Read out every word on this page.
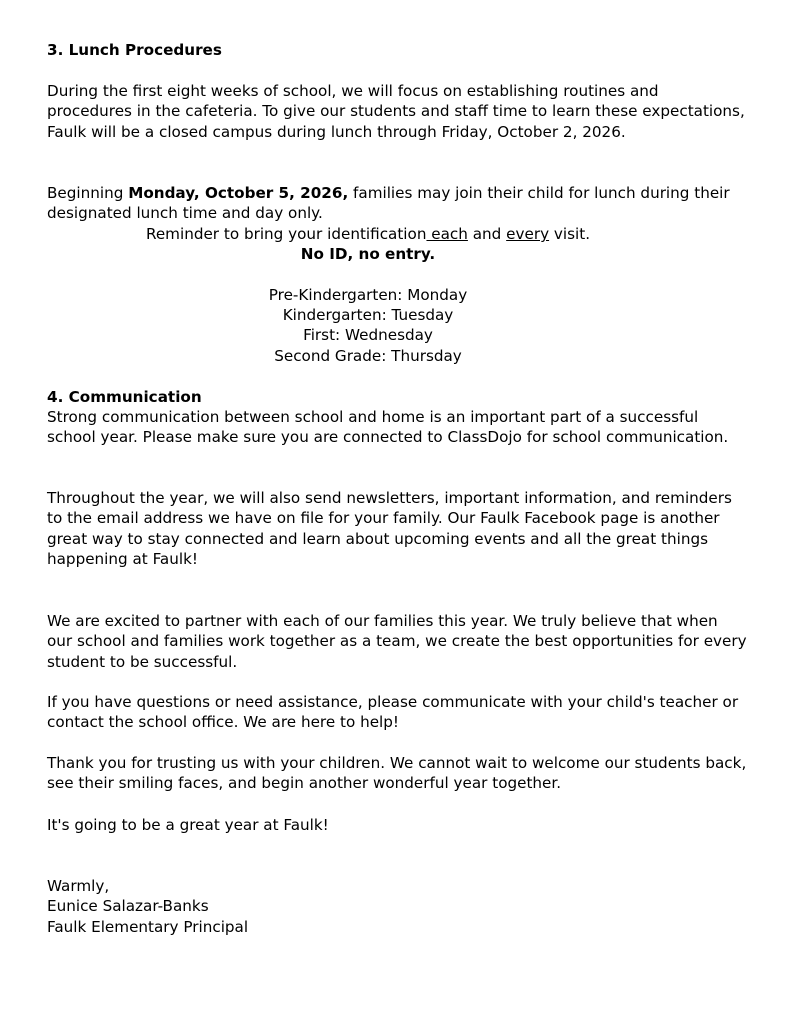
3. Lunch Procedures

During the first eight weeks of school, we will focus on establishing routines and procedures in the cafeteria. To give our students and staff time to learn these expectations, Faulk will be a closed campus during lunch through Friday, October 2, 2026.

Beginning Monday, October 5, 2026, families may join their child for lunch during their designated lunch time and day only.

Reminder to bring your identification each and every visit.

No ID, no entry.

Pre-Kindergarten: Monday

Kindergarten: Tuesday

First: Wednesday

Second Grade: Thursday

4. Communication

Strong communication between school and home is an important part of a successful school year. Please make sure you are connected to ClassDojo for school communication.

Throughout the year, we will also send newsletters, important information, and reminders to the email address we have on file for your family. Our Faulk Facebook page is another great way to stay connected and learn about upcoming events and all the great things happening at Faulk!

We are excited to partner with each of our families this year. We truly believe that when our school and families work together as a team, we create the best opportunities for every student to be successful.

If you have questions or need assistance, please communicate with your child's teacher or contact the school office. We are here to help!

Thank you for trusting us with your children. We cannot wait to welcome our students back, see their smiling faces, and begin another wonderful year together.

It's going to be a great year at Faulk!

Warmly,

Eunice Salazar-Banks

Faulk Elementary Principal
